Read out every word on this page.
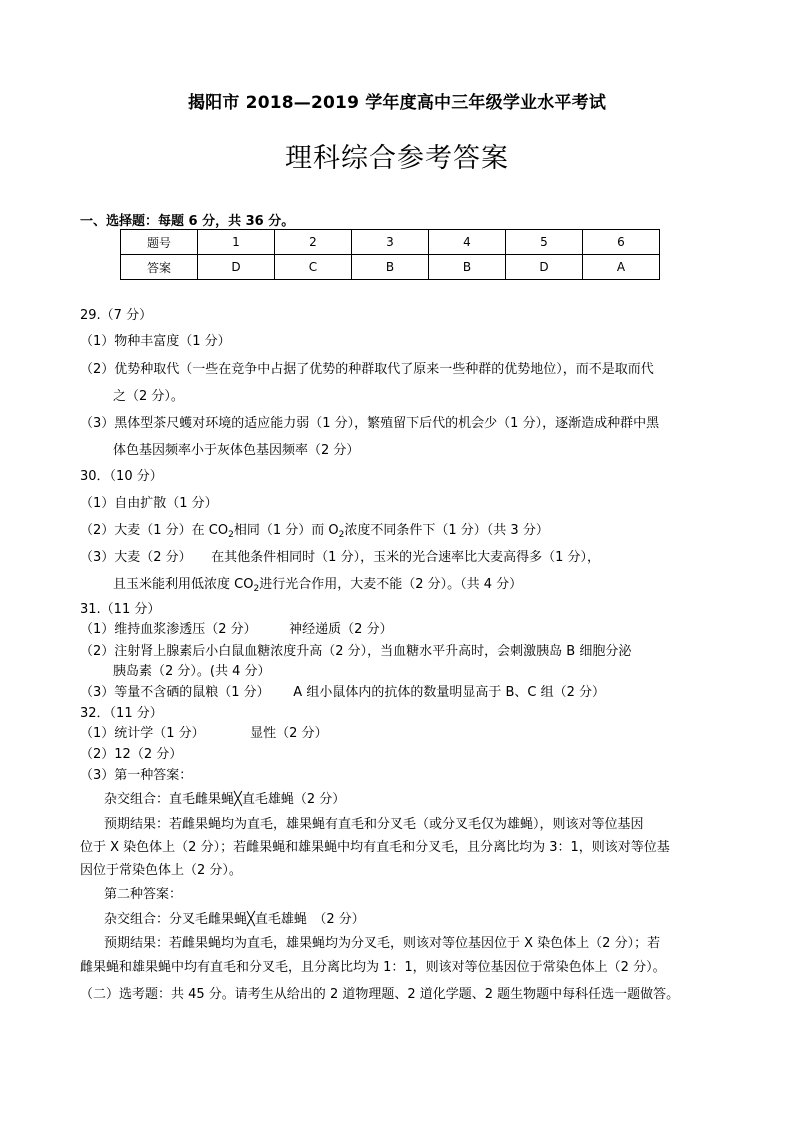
揭阳市 2018—2019 学年度高中三年级学业水平考试
理科综合参考答案
一、选择题：每题 6 分，共 36 分。
题号	1	2	3	4	5	6
答案	D	C	B	B	D	A
29.（7 分）
（1）物种丰富度（1 分）
（2）优势种取代（一些在竞争中占据了优势的种群取代了原来一些种群的优势地位），而不是取而代
之（2 分）。
（3）黑体型茶尺蠖对环境的适应能力弱（1 分），繁殖留下后代的机会少（1 分），逐渐造成种群中黑
体色基因频率小于灰体色基因频率（2 分）
30．（10 分）
（1）自由扩散（1 分）
（2）大麦（1 分）在 $CO_2$相同（1 分）而 $O_2$浓度不同条件下（1 分）（共 3 分）
（3）大麦（2 分）　　在其他条件相同时（1 分），玉米的光合速率比大麦高得多（1 分），
且玉米能利用低浓度 $CO_2$进行光合作用，大麦不能（2 分）。（共 4 分）
31.（11 分）
（1）维持血浆渗透压（2 分）　　　神经递质（2 分）
（2）注射肾上腺素后小白鼠血糖浓度升高（2 分），当血糖水平升高时，会刺激胰岛 B 细胞分泌
胰岛素（2 分）。(共 4 分）
（3）等量不含硒的鼠粮（1 分）　　 A 组小鼠体内的抗体的数量明显高于 B、C 组（2 分）
32．（11 分）
（1）统计学（1 分）　　　　显性（2 分）
（2）12（2 分）
（3）第一种答案：
杂交组合：直毛雌果蝇╳直毛雄蝇（2 分）
预期结果：若雌果蝇均为直毛，雄果蝇有直毛和分叉毛（或分叉毛仅为雄蝇），则该对等位基因
位于 X 染色体上（2 分）；若雌果蝇和雄果蝇中均有直毛和分叉毛，且分离比均为 3：1，则该对等位基
因位于常染色体上（2 分）。
第二种答案：
杂交组合：分叉毛雌果蝇╳直毛雄蝇　（2 分）
预期结果：若雌果蝇均为直毛，雄果蝇均为分叉毛，则该对等位基因位于 X 染色体上（2 分）；若
雌果蝇和雄果蝇中均有直毛和分叉毛，且分离比均为 1：1，则该对等位基因位于常染色体上（2 分）。
（二）选考题：共 45 分。请考生从给出的 2 道物理题、2 道化学题、2 题生物题中每科任选一题做答。
